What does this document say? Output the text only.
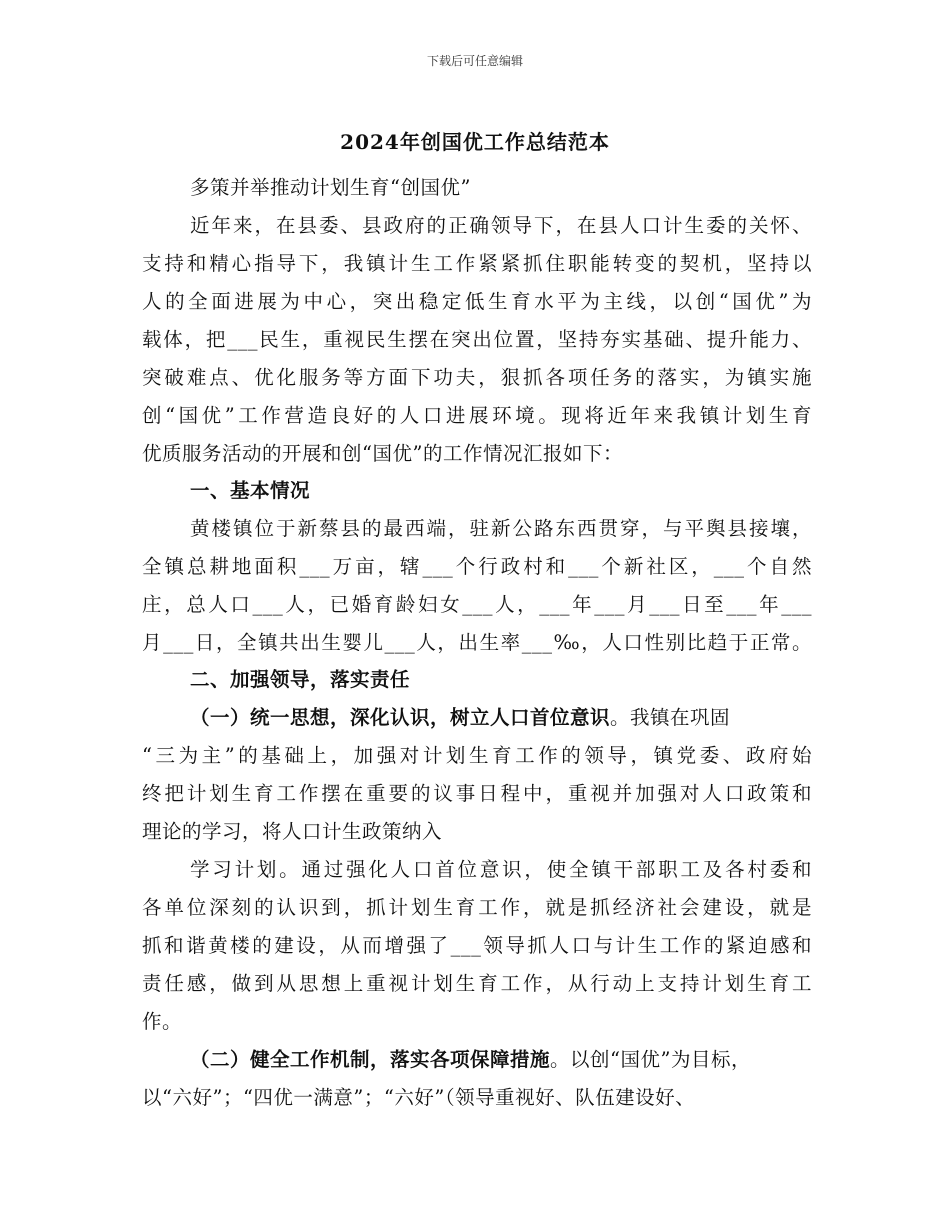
下载后可任意编辑
2024年创国优工作总结范本
多策并举推动计划生育“创国优”
近年来，在县委、县政府的正确领导下，在县人口计生委的关怀、
支持和精心指导下，我镇计生工作紧紧抓住职能转变的契机，坚持以
人的全面进展为中心，突出稳定低生育水平为主线，以创“国优”为
载体，把___民生，重视民生摆在突出位置，坚持夯实基础、提升能力、
突破难点、优化服务等方面下功夫，狠抓各项任务的落实，为镇实施
创“国优”工作营造良好的人口进展环境。现将近年来我镇计划生育
优质服务活动的开展和创“国优”的工作情况汇报如下：
一、基本情况
黄楼镇位于新蔡县的最西端，驻新公路东西贯穿，与平舆县接壤，
全镇总耕地面积___万亩，辖___个行政村和___个新社区，___个自然
庄，总人口___人，已婚育龄妇女___人，___年___月___日至___年___
月___日，全镇共出生婴儿___人，出生率___‰，人口性别比趋于正常。
二、加强领导，落实责任
（一）统一思想，深化认识，树立人口首位意识。我镇在巩固
“三为主”的基础上，加强对计划生育工作的领导，镇党委、政府始
终把计划生育工作摆在重要的议事日程中，重视并加强对人口政策和
理论的学习，将人口计生政策纳入
学习计划。通过强化人口首位意识，使全镇干部职工及各村委和
各单位深刻的认识到，抓计划生育工作，就是抓经济社会建设，就是
抓和谐黄楼的建设，从而增强了___领导抓人口与计生工作的紧迫感和
责任感，做到从思想上重视计划生育工作，从行动上支持计划生育工
作。
（二）健全工作机制，落实各项保障措施。以创“国优”为目标，
以“六好”；“四优一满意”；“六好”（领导重视好、队伍建设好、
